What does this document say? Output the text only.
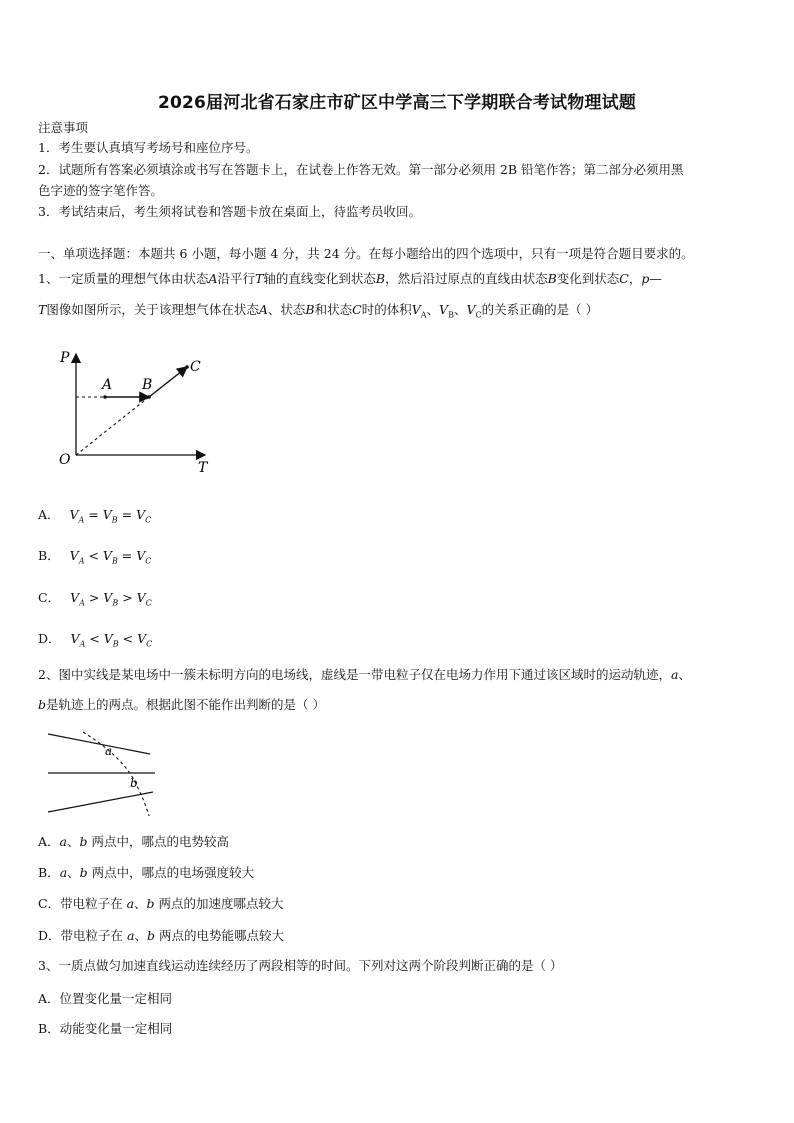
2026届河北省石家庄市矿区中学高三下学期联合考试物理试题
注意事项
1．考生要认真填写考场号和座位序号。
2．试题所有答案必须填涂或书写在答题卡上，在试卷上作答无效。第一部分必须用 2B 铅笔作答；第二部分必须用黑
色字迹的签字笔作答。
3．考试结束后，考生须将试卷和答题卡放在桌面上，待监考员收回。
一、单项选择题：本题共 6 小题，每小题 4 分，共 24 分。在每小题给出的四个选项中，只有一项是符合题目要求的。
1、一定质量的理想气体由状态A沿平行T轴的直线变化到状态B，然后沿过原点的直线由状态B变化到状态C，p—
T图像如图所示，关于该理想气体在状态A、状态B和状态C时的体积$V_A$、$V_B$、$V_C$的关系正确的是（ ）
P
O	T
A B
C
A． $V_A = V_B = V_C$
B． $V_A < V_B = V_C$
C． $V_A > V_B > V_C$
D． $V_A < V_B < V_C$
2、图中实线是某电场中一簇未标明方向的电场线，虚线是一带电粒子仅在电场力作用下通过该区域时的运动轨迹，a、
b是轨迹上的两点。根据此图不能作出判断的是（ ）
a
b
A．a、b 两点中，哪点的电势较高
B．a、b 两点中，哪点的电场强度较大
C．带电粒子在 a、b 两点的加速度哪点较大
D．带电粒子在 a、b 两点的电势能哪点较大
3、一质点做匀加速直线运动连续经历了两段相等的时间。下列对这两个阶段判断正确的是（ ）
A．位置变化量一定相同
B．动能变化量一定相同
